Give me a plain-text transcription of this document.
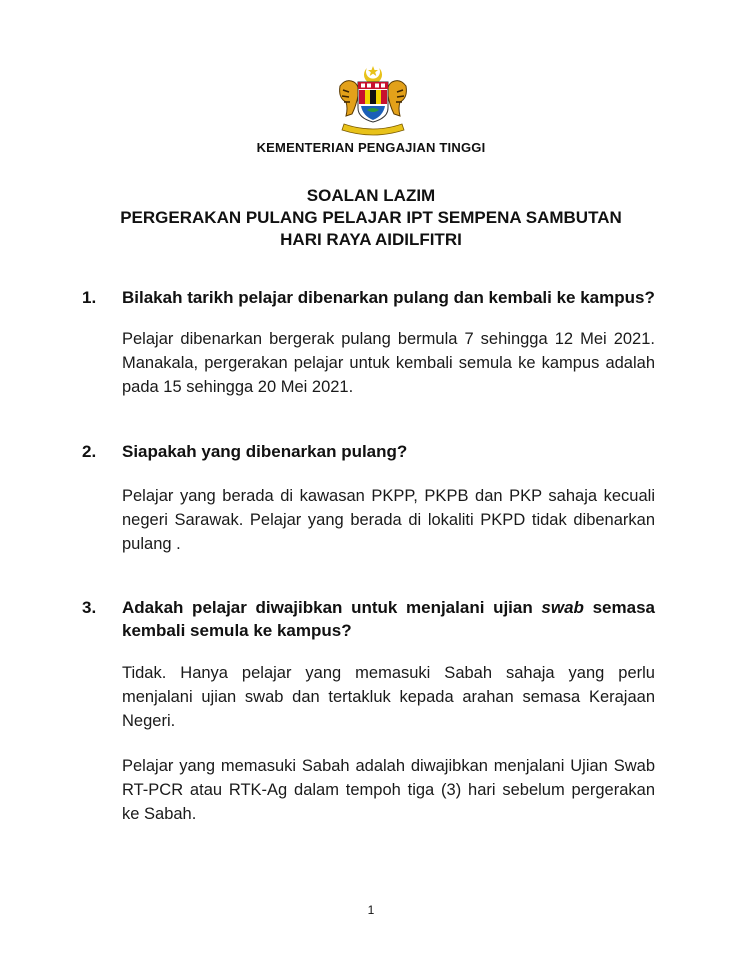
KEMENTERIAN PENGAJIAN TINGGI
SOALAN LAZIM
PERGERAKAN PULANG PELAJAR IPT SEMPENA SAMBUTAN
HARI RAYA AIDILFITRI
1. Bilakah tarikh pelajar dibenarkan pulang dan kembali ke kampus?
Pelajar dibenarkan bergerak pulang bermula 7 sehingga 12 Mei 2021. Manakala, pergerakan pelajar untuk kembali semula ke kampus adalah pada 15 sehingga 20 Mei 2021.
2. Siapakah yang dibenarkan pulang?
Pelajar yang berada di kawasan PKPP, PKPB dan PKP sahaja kecuali negeri Sarawak. Pelajar yang berada di lokaliti PKPD tidak dibenarkan pulang .
3. Adakah pelajar diwajibkan untuk menjalani ujian swab semasa kembali semula ke kampus?
Tidak. Hanya pelajar yang memasuki Sabah sahaja yang perlu menjalani ujian swab dan tertakluk kepada arahan semasa Kerajaan Negeri.
Pelajar yang memasuki Sabah adalah diwajibkan menjalani Ujian Swab RT-PCR atau RTK-Ag dalam tempoh tiga (3) hari sebelum pergerakan ke Sabah.
1
